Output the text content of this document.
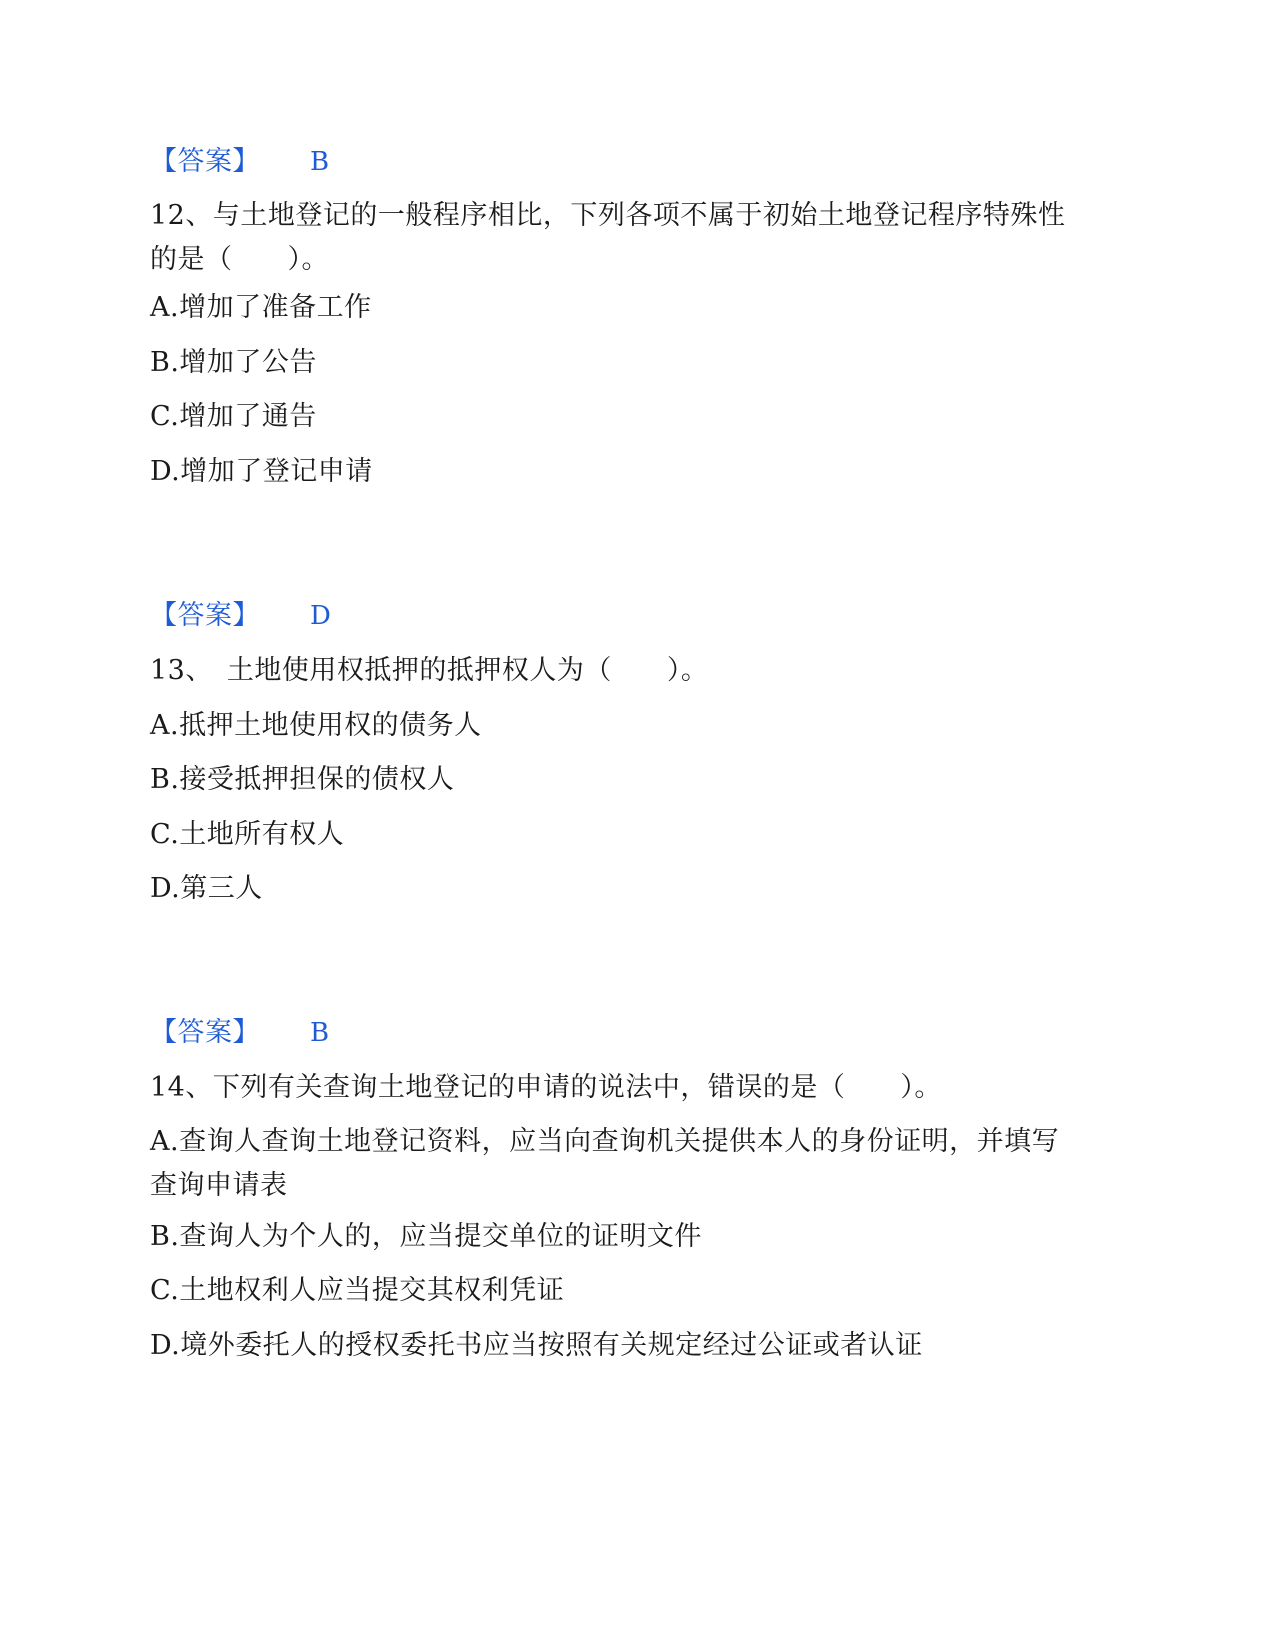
【答案】 B
12、与土地登记的一般程序相比，下列各项不属于初始土地登记程序特殊性的是（　　）。
A.增加了准备工作
B.增加了公告
C.增加了通告
D.增加了登记申请
【答案】 D
13、　土地使用权抵押的抵押权人为（　　）。
A.抵押土地使用权的债务人
B.接受抵押担保的债权人
C.土地所有权人
D.第三人
【答案】 B
14、下列有关查询土地登记的申请的说法中，错误的是（　　）。
A.查询人查询土地登记资料，应当向查询机关提供本人的身份证明，并填写查询申请表
B.查询人为个人的，应当提交单位的证明文件
C.土地权利人应当提交其权利凭证
D.境外委托人的授权委托书应当按照有关规定经过公证或者认证
